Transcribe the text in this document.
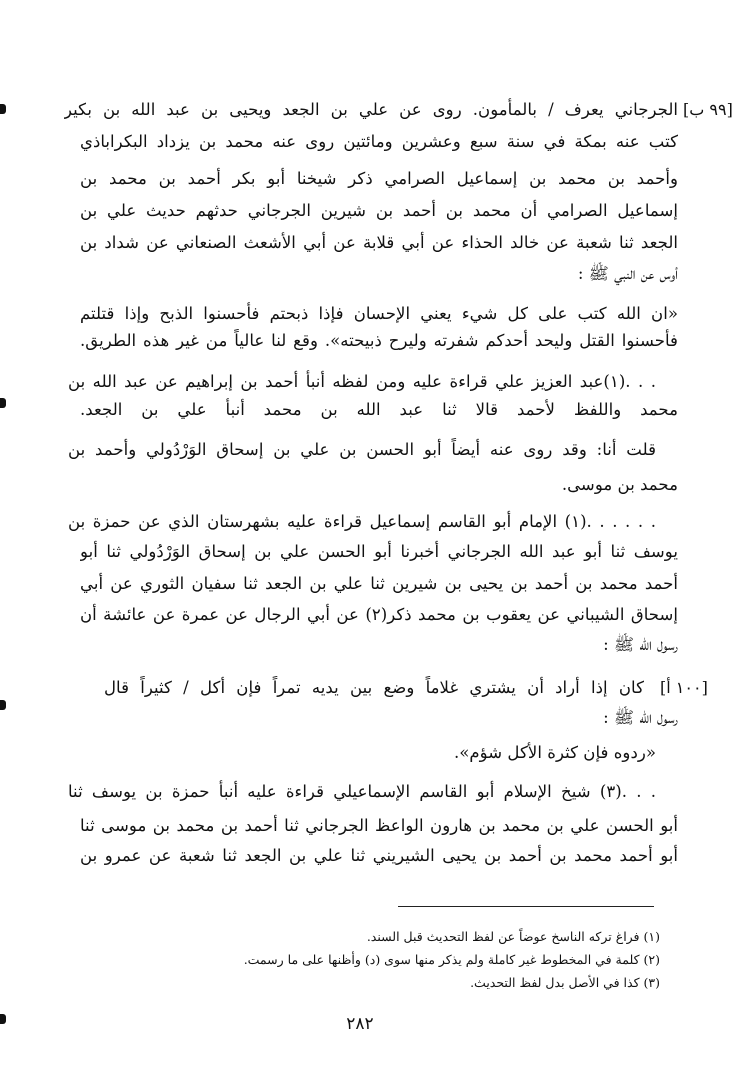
[٩٩ ب]
[١٠٠ أ]
الجرجاني يعرف / بالمأمون. روى عن علي بن الجعد ويحيى بن عبد الله بن بكير
كتب عنه بمكة في سنة سبع وعشرين ومائتين روى عنه محمد بن يزداد البكراباذي
وأحمد بن محمد بن إسماعيل الصرامي ذكر شيخنا أبو بكر أحمد بن محمد بن
إسماعيل الصرامي أن محمد بن أحمد بن شيرين الجرجاني حدثهم حديث علي بن
الجعد ثنا شعبة عن خالد الحذاء عن أبي قلابة عن أبي الأشعث الصنعاني عن شداد بن
أوس عن النبي ﷺ :
«ان الله كتب على كل شيء يعني الإحسان فإذا ذبحتم فأحسنوا الذبح وإذا قتلتم
فأحسنوا القتل وليحد أحدكم شفرته وليرح ذبيحته». وقع لنا عالياً من غير هذه الطريق.
. . .(١)عبد العزيز علي قراءة عليه ومن لفظه أنبأ أحمد بن إبراهيم عن عبد الله بن
محمد واللفظ لأحمد قالا ثنا عبد الله بن محمد أنبأ علي بن الجعد.
قلت أنا: وقد روى عنه أيضاً أبو الحسن بن علي بن إسحاق الوَرْدُولي وأحمد بن
محمد بن موسى.
. . . . . .(١) الإمام أبو القاسم إسماعيل قراءة عليه بشهرستان الذي عن حمزة بن
يوسف ثنا أبو عبد الله الجرجاني أخبرنا أبو الحسن علي بن إسحاق الوَرْدُولي ثنا أبو
أحمد محمد بن أحمد بن يحيى بن شيرين ثنا علي بن الجعد ثنا سفيان الثوري عن أبي
إسحاق الشيباني عن يعقوب بن محمد ذكر(٢) عن أبي الرجال عن عمرة عن عائشة أن
رسول الله ﷺ :
كان إذا أراد أن يشتري غلاماً وضع بين يديه تمراً فإن أكل / كثيراً قال
رسول الله ﷺ :
«ردوه فإن كثرة الأكل شؤم».
. . .(٣) شيخ الإسلام أبو القاسم الإسماعيلي قراءة عليه أنبأ حمزة بن يوسف ثنا
أبو الحسن علي بن محمد بن هارون الواعظ الجرجاني ثنا أحمد بن محمد بن موسى ثنا
أبو أحمد محمد بن أحمد بن يحيى الشيريني ثنا علي بن الجعد ثنا شعبة عن عمرو بن
(١) فراغ تركه الناسخ عوضاً عن لفظ التحديث قبل السند.
(٢) كلمة في المخطوط غير كاملة ولم يذكر منها سوى (د) وأظنها على ما رسمت.
(٣) كذا في الأصل بدل لفظ التحديث.
٢٨٢
